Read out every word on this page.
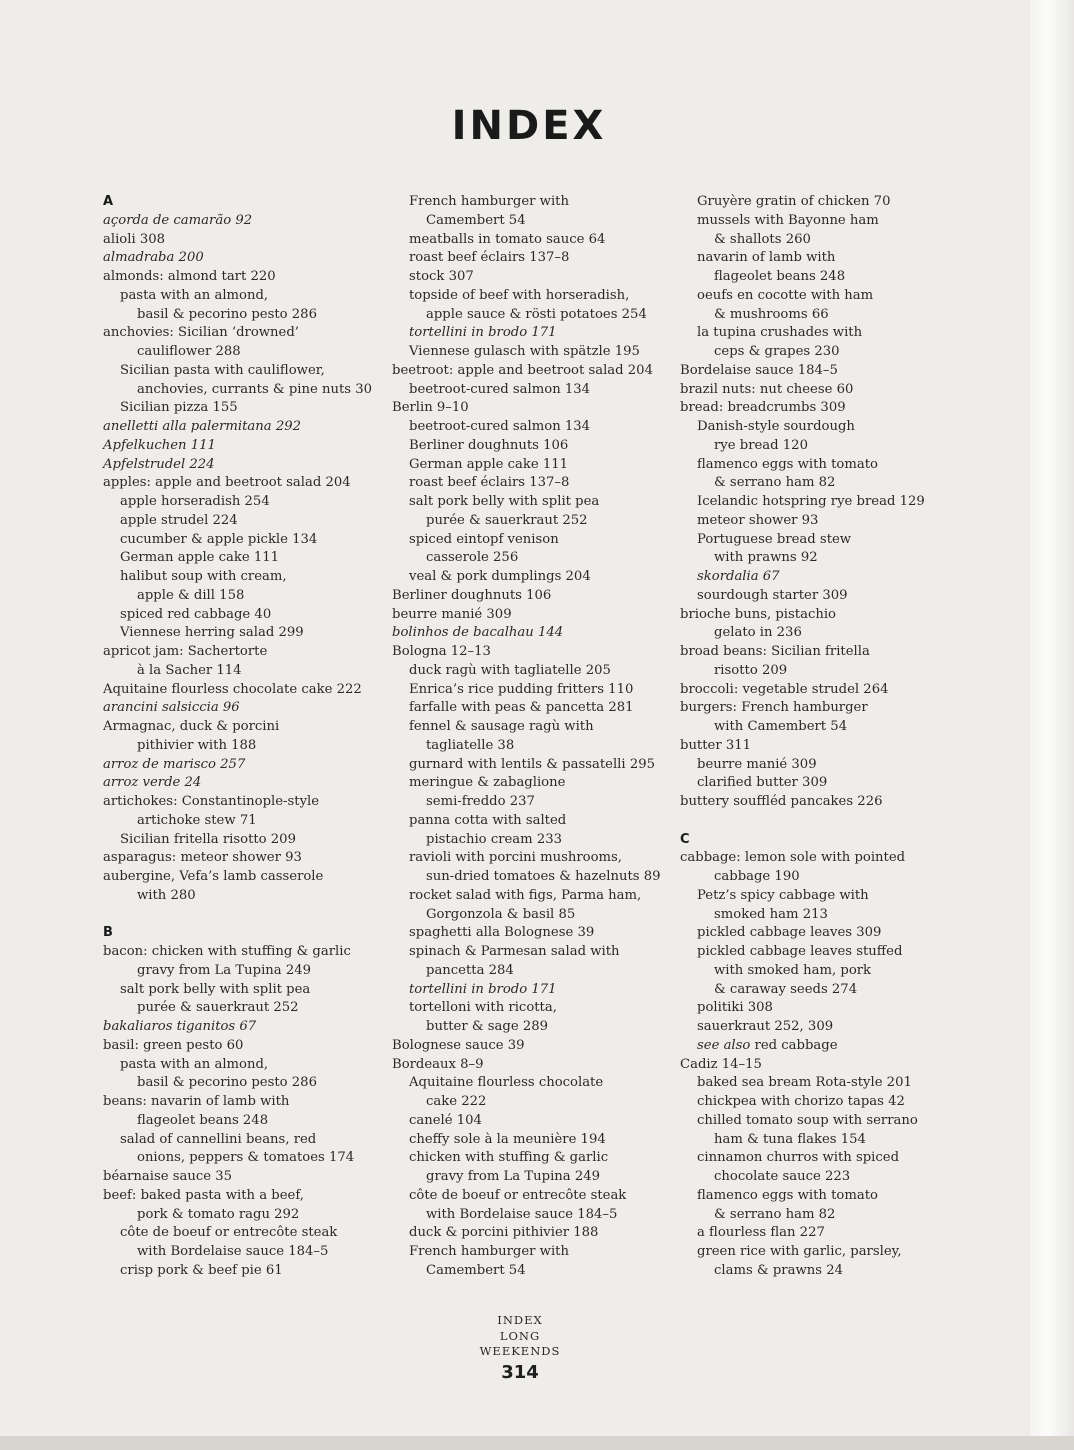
INDEX
A
açorda de camarão 92
alioli 308
almadraba 200
almonds: almond tart 220
pasta with an almond,
basil & pecorino pesto 286
anchovies: Sicilian ‘drowned’
cauliflower 288
Sicilian pasta with cauliflower,
anchovies, currants & pine nuts 30
Sicilian pizza 155
anelletti alla palermitana 292
Apfelkuchen 111
Apfelstrudel 224
apples: apple and beetroot salad 204
apple horseradish 254
apple strudel 224
cucumber & apple pickle 134
German apple cake 111
halibut soup with cream,
apple & dill 158
spiced red cabbage 40
Viennese herring salad 299
apricot jam: Sachertorte
à la Sacher 114
Aquitaine flourless chocolate cake 222
arancini salsiccia 96
Armagnac, duck & porcini
pithivier with 188
arroz de marisco 257
arroz verde 24
artichokes: Constantinople-style
artichoke stew 71
Sicilian fritella risotto 209
asparagus: meteor shower 93
aubergine, Vefa’s lamb casserole
with 280
B
bacon: chicken with stuffing & garlic
gravy from La Tupina 249
salt pork belly with split pea
purée & sauerkraut 252
bakaliaros tiganitos 67
basil: green pesto 60
pasta with an almond,
basil & pecorino pesto 286
beans: navarin of lamb with
flageolet beans 248
salad of cannellini beans, red
onions, peppers & tomatoes 174
béarnaise sauce 35
beef: baked pasta with a beef,
pork & tomato ragu 292
côte de boeuf or entrecôte steak
with Bordelaise sauce 184–5
crisp pork & beef pie 61
French hamburger with
Camembert 54
meatballs in tomato sauce 64
roast beef éclairs 137–8
stock 307
topside of beef with horseradish,
apple sauce & rösti potatoes 254
tortellini in brodo 171
Viennese gulasch with spätzle 195
beetroot: apple and beetroot salad 204
beetroot-cured salmon 134
Berlin 9–10
beetroot-cured salmon 134
Berliner doughnuts 106
German apple cake 111
roast beef éclairs 137–8
salt pork belly with split pea
purée & sauerkraut 252
spiced eintopf venison
casserole 256
veal & pork dumplings 204
Berliner doughnuts 106
beurre manié 309
bolinhos de bacalhau 144
Bologna 12–13
duck ragù with tagliatelle 205
Enrica’s rice pudding fritters 110
farfalle with peas & pancetta 281
fennel & sausage ragù with
tagliatelle 38
gurnard with lentils & passatelli 295
meringue & zabaglione
semi-freddo 237
panna cotta with salted
pistachio cream 233
ravioli with porcini mushrooms,
sun-dried tomatoes & hazelnuts 89
rocket salad with figs, Parma ham,
Gorgonzola & basil 85
spaghetti alla Bolognese 39
spinach & Parmesan salad with
pancetta 284
tortellini in brodo 171
tortelloni with ricotta,
butter & sage 289
Bolognese sauce 39
Bordeaux 8–9
Aquitaine flourless chocolate
cake 222
canelé 104
cheffy sole à la meunière 194
chicken with stuffing & garlic
gravy from La Tupina 249
côte de boeuf or entrecôte steak
with Bordelaise sauce 184–5
duck & porcini pithivier 188
French hamburger with
Camembert 54
Gruyère gratin of chicken 70
mussels with Bayonne ham
& shallots 260
navarin of lamb with
flageolet beans 248
oeufs en cocotte with ham
& mushrooms 66
la tupina crushades with
ceps & grapes 230
Bordelaise sauce 184–5
brazil nuts: nut cheese 60
bread: breadcrumbs 309
Danish-style sourdough
rye bread 120
flamenco eggs with tomato
& serrano ham 82
Icelandic hotspring rye bread 129
meteor shower 93
Portuguese bread stew
with prawns 92
skordalia 67
sourdough starter 309
brioche buns, pistachio
gelato in 236
broad beans: Sicilian fritella
risotto 209
broccoli: vegetable strudel 264
burgers: French hamburger
with Camembert 54
butter 311
beurre manié 309
clarified butter 309
buttery souffléd pancakes 226
C
cabbage: lemon sole with pointed
cabbage 190
Petz’s spicy cabbage with
smoked ham 213
pickled cabbage leaves 309
pickled cabbage leaves stuffed
with smoked ham, pork
& caraway seeds 274
politiki 308
sauerkraut 252, 309
see also red cabbage
Cadiz 14–15
baked sea bream Rota-style 201
chickpea with chorizo tapas 42
chilled tomato soup with serrano
ham & tuna flakes 154
cinnamon churros with spiced
chocolate sauce 223
flamenco eggs with tomato
& serrano ham 82
a flourless flan 227
green rice with garlic, parsley,
clams & prawns 24
INDEX
LONG
WEEKENDS
314
